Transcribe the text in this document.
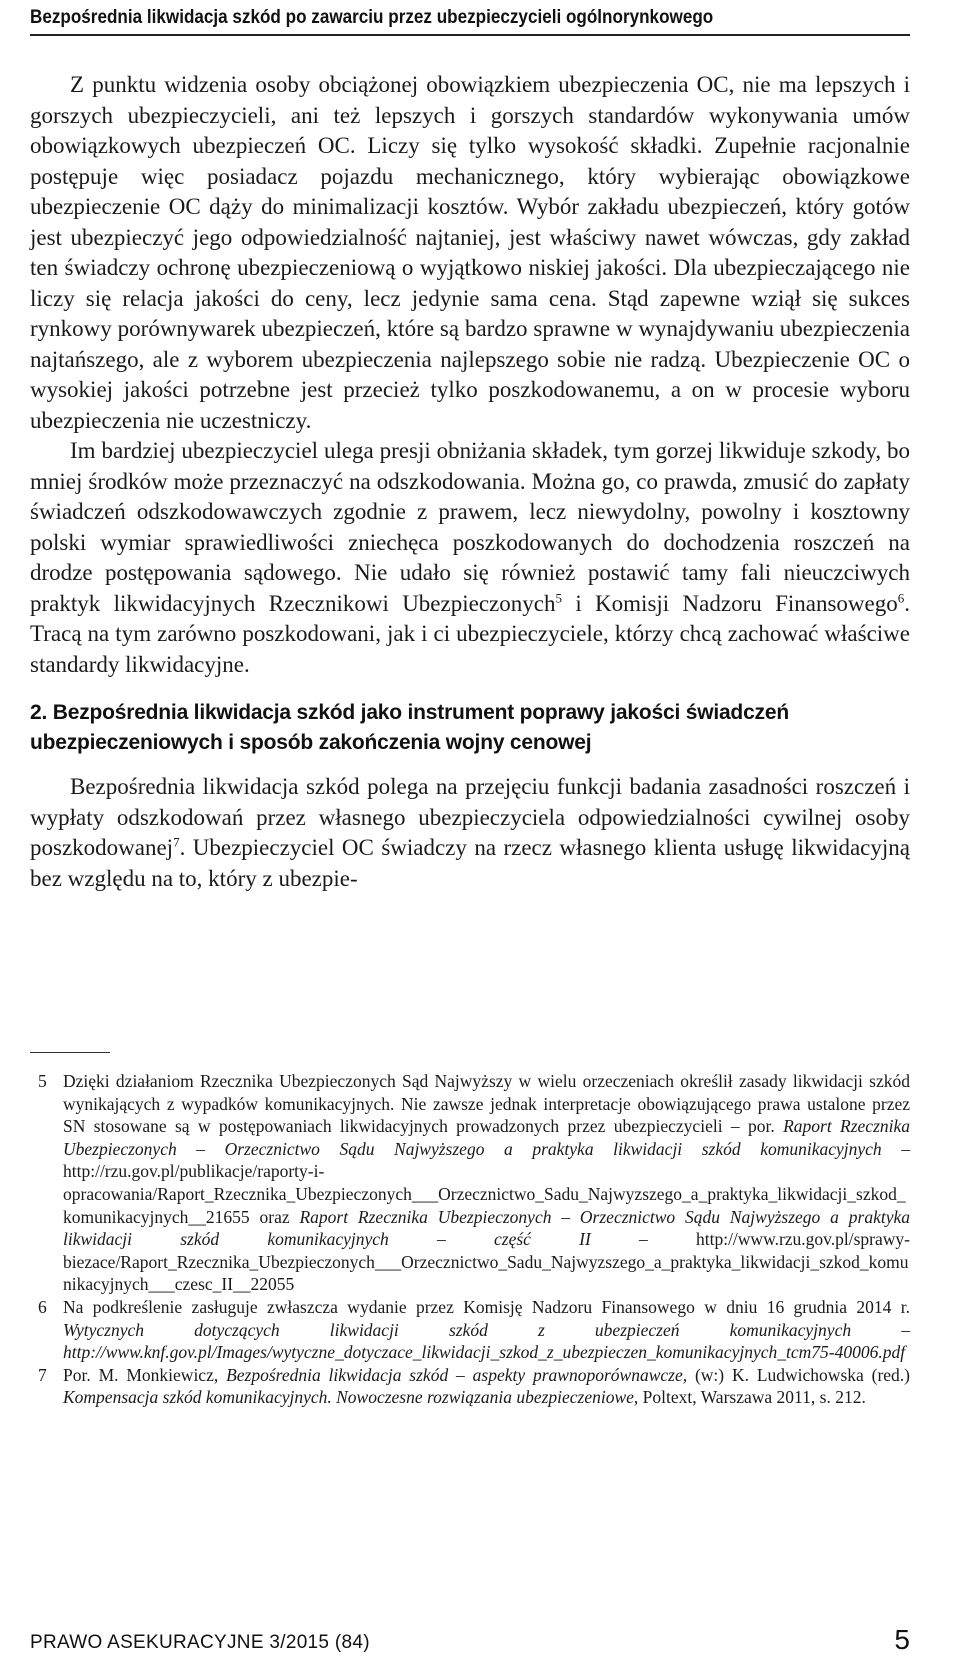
Bezpośrednia likwidacja szkód po zawarciu przez ubezpieczycieli ogólnorynkowego

Z punktu widzenia osoby obciążonej obowiązkiem ubezpieczenia OC, nie ma lepszych i gorszych ubezpieczycieli, ani też lepszych i gorszych standardów wykonywania umów obowiązkowych ubezpieczeń OC. Liczy się tylko wysokość składki. Zupełnie racjonalnie postępuje więc posiadacz pojazdu mechanicznego, który wybierając obowiązkowe ubezpieczenie OC dąży do minimalizacji kosztów. Wybór zakładu ubezpieczeń, który gotów jest ubezpieczyć jego odpowiedzialność najtaniej, jest właściwy nawet wówczas, gdy zakład ten świadczy ochronę ubezpieczeniową o wyjątkowo niskiej jakości. Dla ubezpieczającego nie liczy się relacja jakości do ceny, lecz jedynie sama cena. Stąd zapewne wziął się sukces rynkowy porównywarek ubezpieczeń, które są bardzo sprawne w wynajdywaniu ubezpieczenia najtańszego, ale z wyborem ubezpieczenia najlepszego sobie nie radzą. Ubezpieczenie OC o wysokiej jakości potrzebne jest przecież tylko poszkodowanemu, a on w procesie wyboru ubezpieczenia nie uczestniczy.

Im bardziej ubezpieczyciel ulega presji obniżania składek, tym gorzej likwiduje szkody, bo mniej środków może przeznaczyć na odszkodowania. Można go, co prawda, zmusić do zapłaty świadczeń odszkodowawczych zgodnie z prawem, lecz niewydolny, powolny i kosztowny polski wymiar sprawiedliwości zniechęca poszkodowanych do dochodzenia roszczeń na drodze postępowania sądowego. Nie udało się również postawić tamy fali nieuczciwych praktyk likwidacyjnych Rzecznikowi Ubezpieczonych$^5$ i Komisji Nadzoru Finansowego$^6$. Tracą na tym zarówno poszkodowani, jak i ci ubezpieczyciele, którzy chcą zachować właściwe standardy likwidacyjne.

2. Bezpośrednia likwidacja szkód jako instrument poprawy jakości świadczeń ubezpieczeniowych i sposób zakończenia wojny cenowej

Bezpośrednia likwidacja szkód polega na przejęciu funkcji badania zasadności roszczeń i wypłaty odszkodowań przez własnego ubezpieczyciela odpowiedzialności cywilnej osoby poszkodowanej$^7$. Ubezpieczyciel OC świadczy na rzecz własnego klienta usługę likwidacyjną bez względu na to, który z ubezpie-

5 Dzięki działaniom Rzecznika Ubezpieczonych Sąd Najwyższy w wielu orzeczeniach określił zasady likwidacji szkód wynikających z wypadków komunikacyjnych. Nie zawsze jednak interpretacje obowiązującego prawa ustalone przez SN stosowane są w postępowaniach likwidacyjnych prowadzonych przez ubezpieczycieli – por. Raport Rzecznika Ubezpieczonych – Orzecznictwo Sądu Najwyższego a praktyka likwidacji szkód komunikacyjnych – http://rzu.gov.pl/publikacje/raporty-i-opracowania/Raport_Rzecznika_Ubezpieczonych___Orzecznictwo_Sadu_Najwyzszego_a_praktyka_likwidacji_szkod_komunikacyjnych__21655 oraz Raport Rzecznika Ubezpieczonych – Orzecznictwo Sądu Najwyższego a praktyka likwidacji szkód komunikacyjnych – część II – http://www.rzu.gov.pl/sprawy-biezace/Raport_Rzecznika_Ubezpieczonych___Orzecznictwo_Sadu_Najwyzszego_a_praktyka_likwidacji_szkod_komunikacyjnych___czesc_II__22055

6 Na podkreślenie zasługuje zwłaszcza wydanie przez Komisję Nadzoru Finansowego w dniu 16 grudnia 2014 r. Wytycznych dotyczących likwidacji szkód z ubezpieczeń komunikacyjnych – http://www.knf.gov.pl/Images/wytyczne_dotyczace_likwidacji_szkod_z_ubezpieczen_komunikacyjnych_tcm75-40006.pdf

7 Por. M. Monkiewicz, Bezpośrednia likwidacja szkód – aspekty prawnoporównawcze, (w:) K. Ludwichowska (red.) Kompensacja szkód komunikacyjnych. Nowoczesne rozwiązania ubezpieczeniowe, Poltext, Warszawa 2011, s. 212.

PRAWO ASEKURACYJNE 3/2015 (84)	5
